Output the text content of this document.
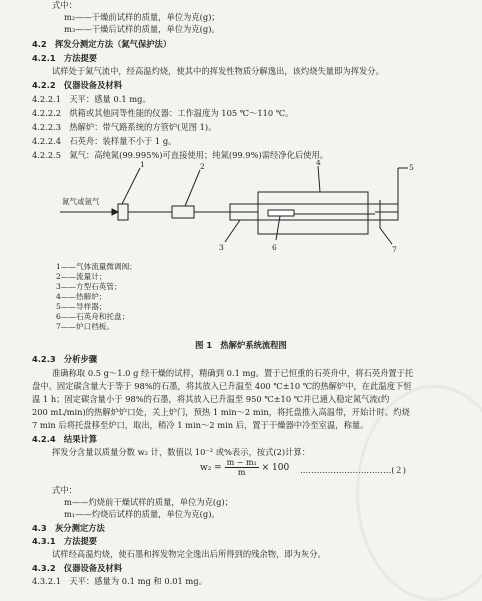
式中：
m₂——干燥前试样的质量，单位为克(g)；
m₃——干燥后试样的质量，单位为克(g)。
4.2　挥发分测定方法（氮气保护法）
4.2.1　方法提要
试样处于氮气流中，经高温灼烧，使其中的挥发性物质分解逸出，该灼烧失量即为挥发分。
4.2.2　仪器设备及材料
4.2.2.1　天平：感量 0.1 mg。
4.2.2.2　烘箱或其他同等性能的仪器：工作温度为 105 ℃～110 ℃。
4.2.2.3　热解炉：带气路系统的方管炉(见图 1)。
4.2.2.4　石英舟：装样量不小于 1 g。
4.2.2.5　氮气：高纯氮(99.995%)可直接使用；纯氮(99.9%)需经净化后使用。
氮气或氩气
1	2
3
4
5
6	7
1——气体流量微调阀；
2——流量计；
3——方型石英管；
4——热解炉；
5——导样器；
6——石英舟和托盘；
7——炉口档板。
图 1　热解炉系统流程图
4.2.3　分析步骤
准确称取 0.5 g～1.0 g 经干燥的试样，精确到 0.1 mg。置于已恒重的石英舟中，将石英舟置于托
盘中。固定碳含量大于等于 98%的石墨，将其放入已升温至 400 ℃±10 ℃的热解炉中，在此温度下恒
温 1 h；固定碳含量小于 98%的石墨，将其放入已升温至 950 ℃±10 ℃并已通入稳定氮气流(约
200 mL/min)的热解炉炉口处，关上炉门，预热 1 min～2 min，将托盘推入高温带，开始计时。灼烧
7 min 后将托盘移至炉口，取出，稍冷 1 min～2 min 后，置于干燥器中冷至室温，称量。
4.2.4　结果计算
挥发分含量以质量分数 w₂ 计，数值以 10⁻² 或%表示，按式(2)计算：
$w_2 = \frac{\text{m − m₁}}{m} \times 100$ ……………………………(２)
式中：
m——灼烧前干燥试样的质量，单位为克(g)；
m₁——灼烧后试样的质量，单位为克(g)。
4.3　灰分测定方法
4.3.1　方法提要
试样经高温灼烧，使石墨和挥发物完全逸出后所得到的残余物，即为灰分。
4.3.2　仪器设备及材料
4.3.2.1　天平：感量为 0.1 mg 和 0.01 mg。
